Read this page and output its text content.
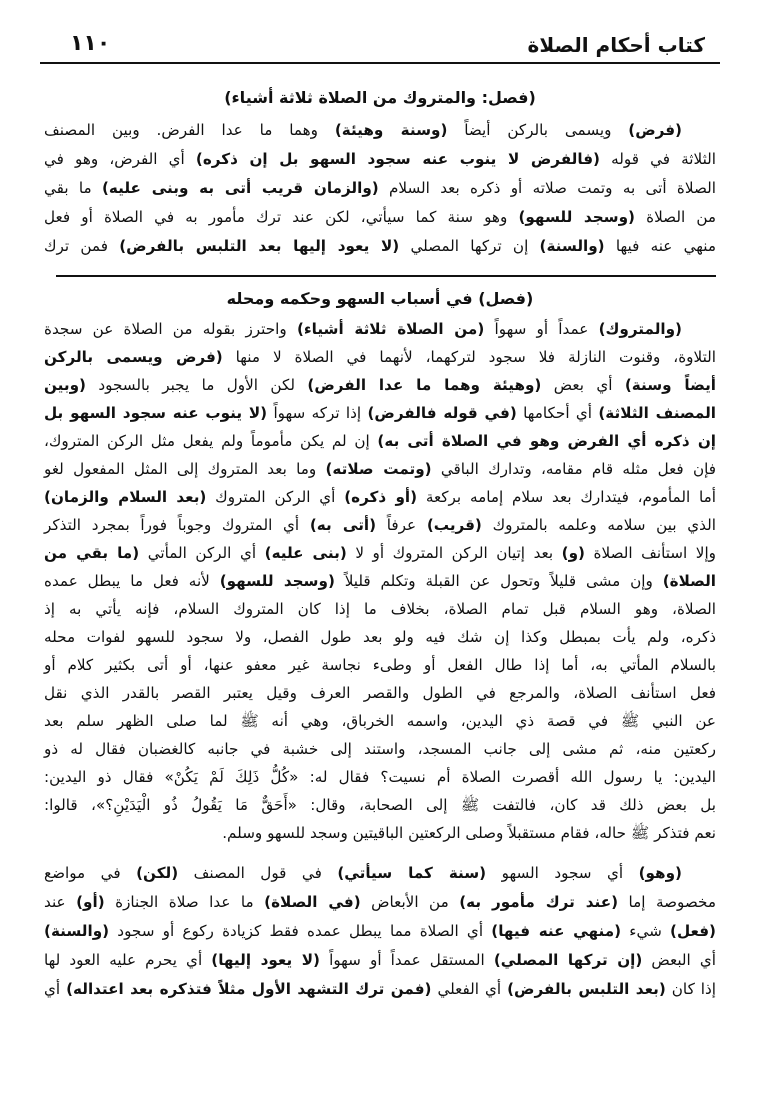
كتاب أحكام الصلاة
١١٠
(فصل: والمتروك من الصلاة ثلاثة أشياء)
(فرض) ويسمى بالركن أيضاً (وسنة وهيئة) وهما ما عدا الفرض. وبين المصنف
الثلاثة في قوله (فالفرض لا ينوب عنه سجود السهو بل إن ذكره) أي الفرض، وهو في
الصلاة أتى به وتمت صلاته أو ذكره بعد السلام (والزمان قريب أتى به وبنى عليه) ما بقي
من الصلاة (وسجد للسهو) وهو سنة كما سيأتي، لكن عند ترك مأمور به في الصلاة أو فعل
منهي عنه فيها (والسنة) إن تركها المصلي (لا يعود إليها بعد التلبس بالفرض) فمن ترك
(فصل) في أسباب السهو وحكمه ومحله
(والمتروك) عمداً أو سهواً (من الصلاة ثلاثة أشياء) واحترز بقوله من الصلاة عن سجدة
التلاوة، وقنوت النازلة فلا سجود لتركهما، لأنهما في الصلاة لا منها (فرض ويسمى بالركن
أيضاً وسنة) أي بعض (وهيئة وهما ما عدا الفرض) لكن الأول ما يجبر بالسجود (وبين
المصنف الثلاثة) أي أحكامها (في قوله فالفرض) إذا تركه سهواً (لا ينوب عنه سجود السهو بل
إن ذكره أي الفرض وهو في الصلاة أتى به) إن لم يكن مأموماً ولم يفعل مثل الركن المتروك،
فإن فعل مثله قام مقامه، وتدارك الباقي (وتمت صلاته) وما بعد المتروك إلى المثل المفعول لغو
أما المأموم، فيتدارك بعد سلام إمامه بركعة (أو ذكره) أي الركن المتروك (بعد السلام والزمان)
الذي بين سلامه وعلمه بالمتروك (قريب) عرفاً (أتى به) أي المتروك وجوباً فوراً بمجرد التذكر
وإلا استأنف الصلاة (و) بعد إتيان الركن المتروك أو لا (بنى عليه) أي الركن المأتي (ما بقي من
الصلاة) وإن مشى قليلاً وتحول عن القبلة وتكلم قليلاً (وسجد للسهو) لأنه فعل ما يبطل عمده
الصلاة، وهو السلام قبل تمام الصلاة، بخلاف ما إذا كان المتروك السلام، فإنه يأتي به إذ
ذكره، ولم يأت بمبطل وكذا إن شك فيه ولو بعد طول الفصل، ولا سجود للسهو لفوات محله
بالسلام المأتي به، أما إذا طال الفعل أو وطىء نجاسة غير معفو عنها، أو أتى بكثير كلام أو
فعل استأنف الصلاة، والمرجع في الطول والقصر العرف وقيل يعتبر القصر بالقدر الذي نقل
عن النبي ﷺ في قصة ذي اليدين، واسمه الخرباق، وهي أنه ﷺ لما صلى الظهر سلم بعد
ركعتين منه، ثم مشى إلى جانب المسجد، واستند إلى خشبة في جانبه كالغضبان فقال له ذو
اليدين: يا رسول الله أقصرت الصلاة أم نسيت؟ فقال له: «كُلُّ ذَلِكَ لَمْ يَكُنْ» فقال ذو اليدين:
بل بعض ذلك قد كان، فالتفت ﷺ إلى الصحابة، وقال: «أَحَقٌّ مَا يَقُولُ ذُو الْيَدَيْنِ؟»، قالوا:
نعم فتذكر ﷺ حاله، فقام مستقبلاً وصلى الركعتين الباقيتين وسجد للسهو وسلم.
(وهو) أي سجود السهو (سنة كما سيأتي) في قول المصنف (لكن) في مواضع
مخصوصة إما (عند ترك مأمور به) من الأبعاض (في الصلاة) ما عدا صلاة الجنازة (أو) عند
(فعل) شيء (منهي عنه فيها) أي الصلاة مما يبطل عمده فقط كزيادة ركوع أو سجود (والسنة)
أي البعض (إن تركها المصلي) المستقل عمداً أو سهواً (لا يعود إليها) أي يحرم عليه العود لها
إذا كان (بعد التلبس بالفرض) أي الفعلي (فمن ترك التشهد الأول مثلاً فتذكره بعد اعتداله) أي
